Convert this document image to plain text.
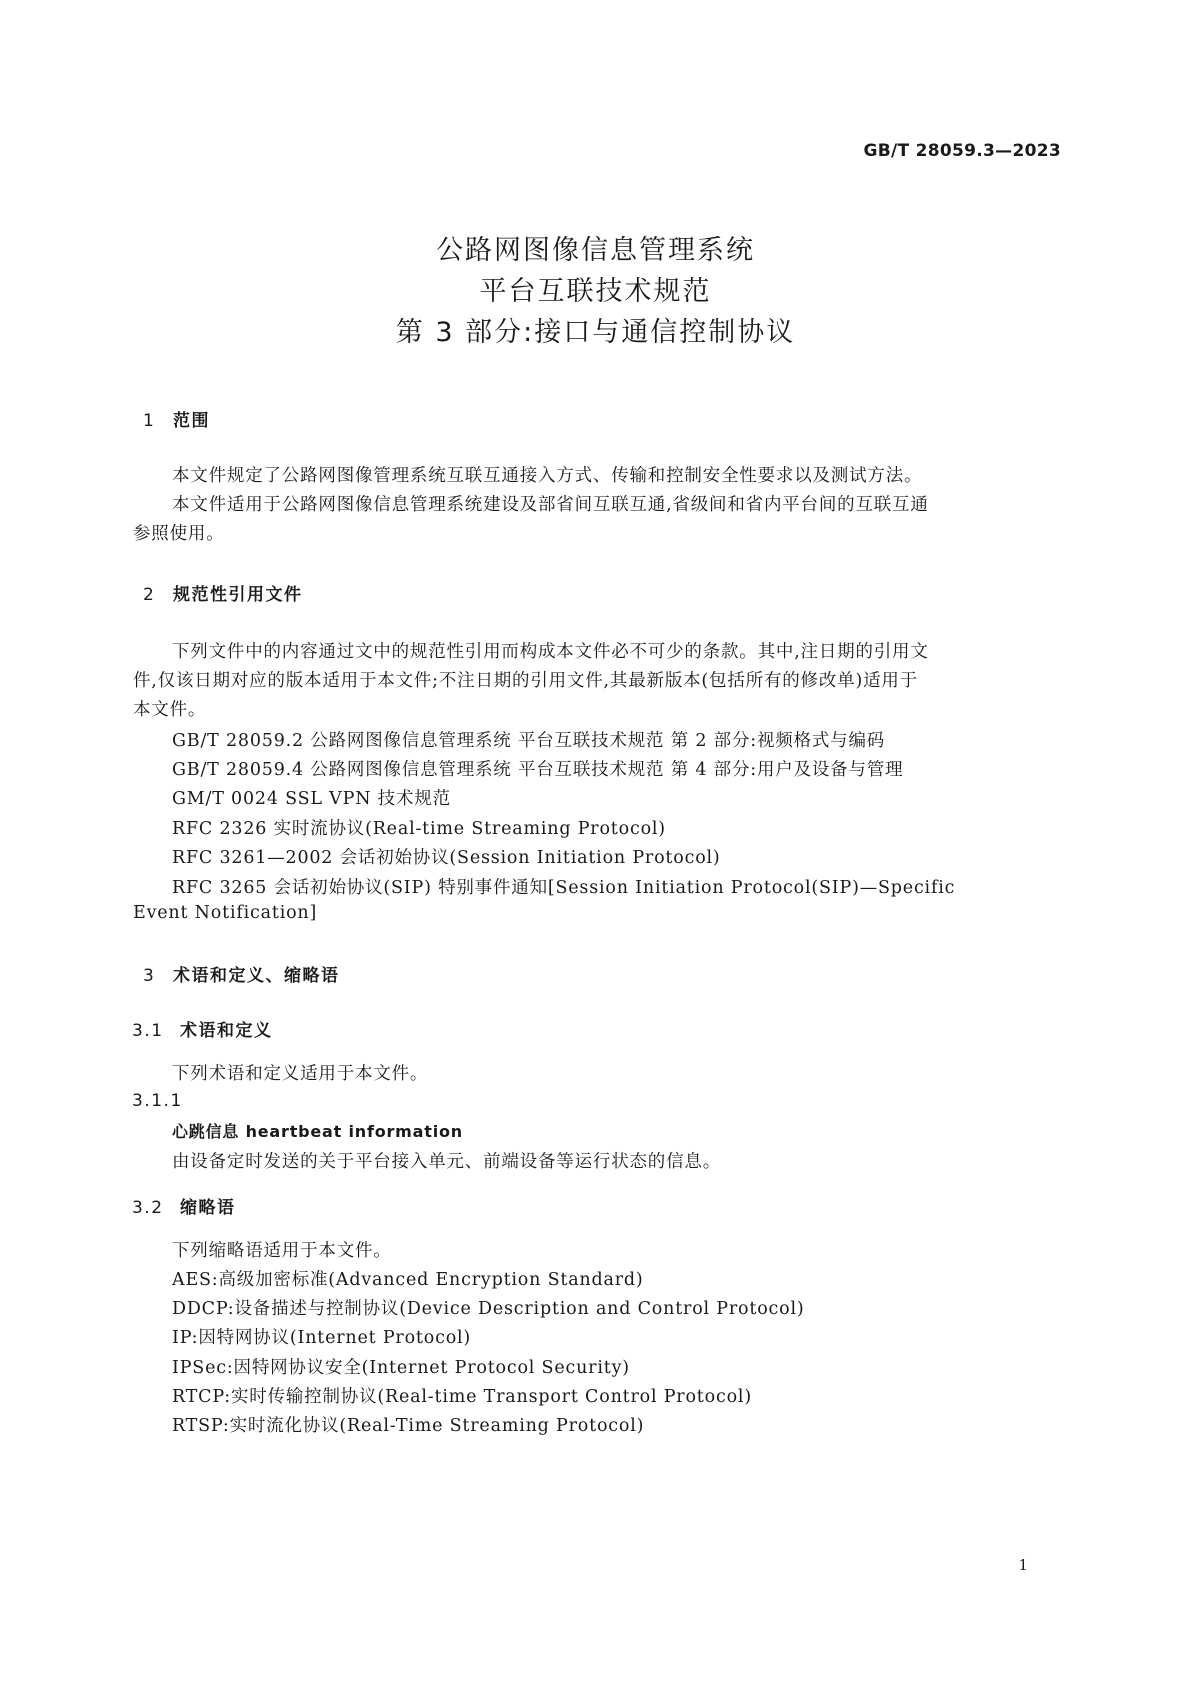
GB/T 28059.3—2023
公路网图像信息管理系统
平台互联技术规范
第 3 部分:接口与通信控制协议
1 范围
本文件规定了公路网图像管理系统互联互通接入方式、传输和控制安全性要求以及测试方法。
本文件适用于公路网图像信息管理系统建设及部省间互联互通,省级间和省内平台间的互联互通
参照使用。
2 规范性引用文件
下列文件中的内容通过文中的规范性引用而构成本文件必不可少的条款。其中,注日期的引用文
件,仅该日期对应的版本适用于本文件;不注日期的引用文件,其最新版本(包括所有的修改单)适用于
本文件。
GB/T 28059.2 公路网图像信息管理系统 平台互联技术规范 第 2 部分:视频格式与编码
GB/T 28059.4 公路网图像信息管理系统 平台互联技术规范 第 4 部分:用户及设备与管理
GM/T 0024 SSL VPN 技术规范
RFC 2326 实时流协议(Real-time Streaming Protocol)
RFC 3261—2002 会话初始协议(Session Initiation Protocol)
RFC 3265 会话初始协议(SIP) 特别事件通知[Session Initiation Protocol(SIP)—Specific
Event Notification]
3 术语和定义、缩略语
3.1 术语和定义
下列术语和定义适用于本文件。
3.1.1
心跳信息 heartbeat information
由设备定时发送的关于平台接入单元、前端设备等运行状态的信息。
3.2 缩略语
下列缩略语适用于本文件。
AES:高级加密标准(Advanced Encryption Standard)
DDCP:设备描述与控制协议(Device Description and Control Protocol)
IP:因特网协议(Internet Protocol)
IPSec:因特网协议安全(Internet Protocol Security)
RTCP:实时传输控制协议(Real-time Transport Control Protocol)
RTSP:实时流化协议(Real-Time Streaming Protocol)
1
